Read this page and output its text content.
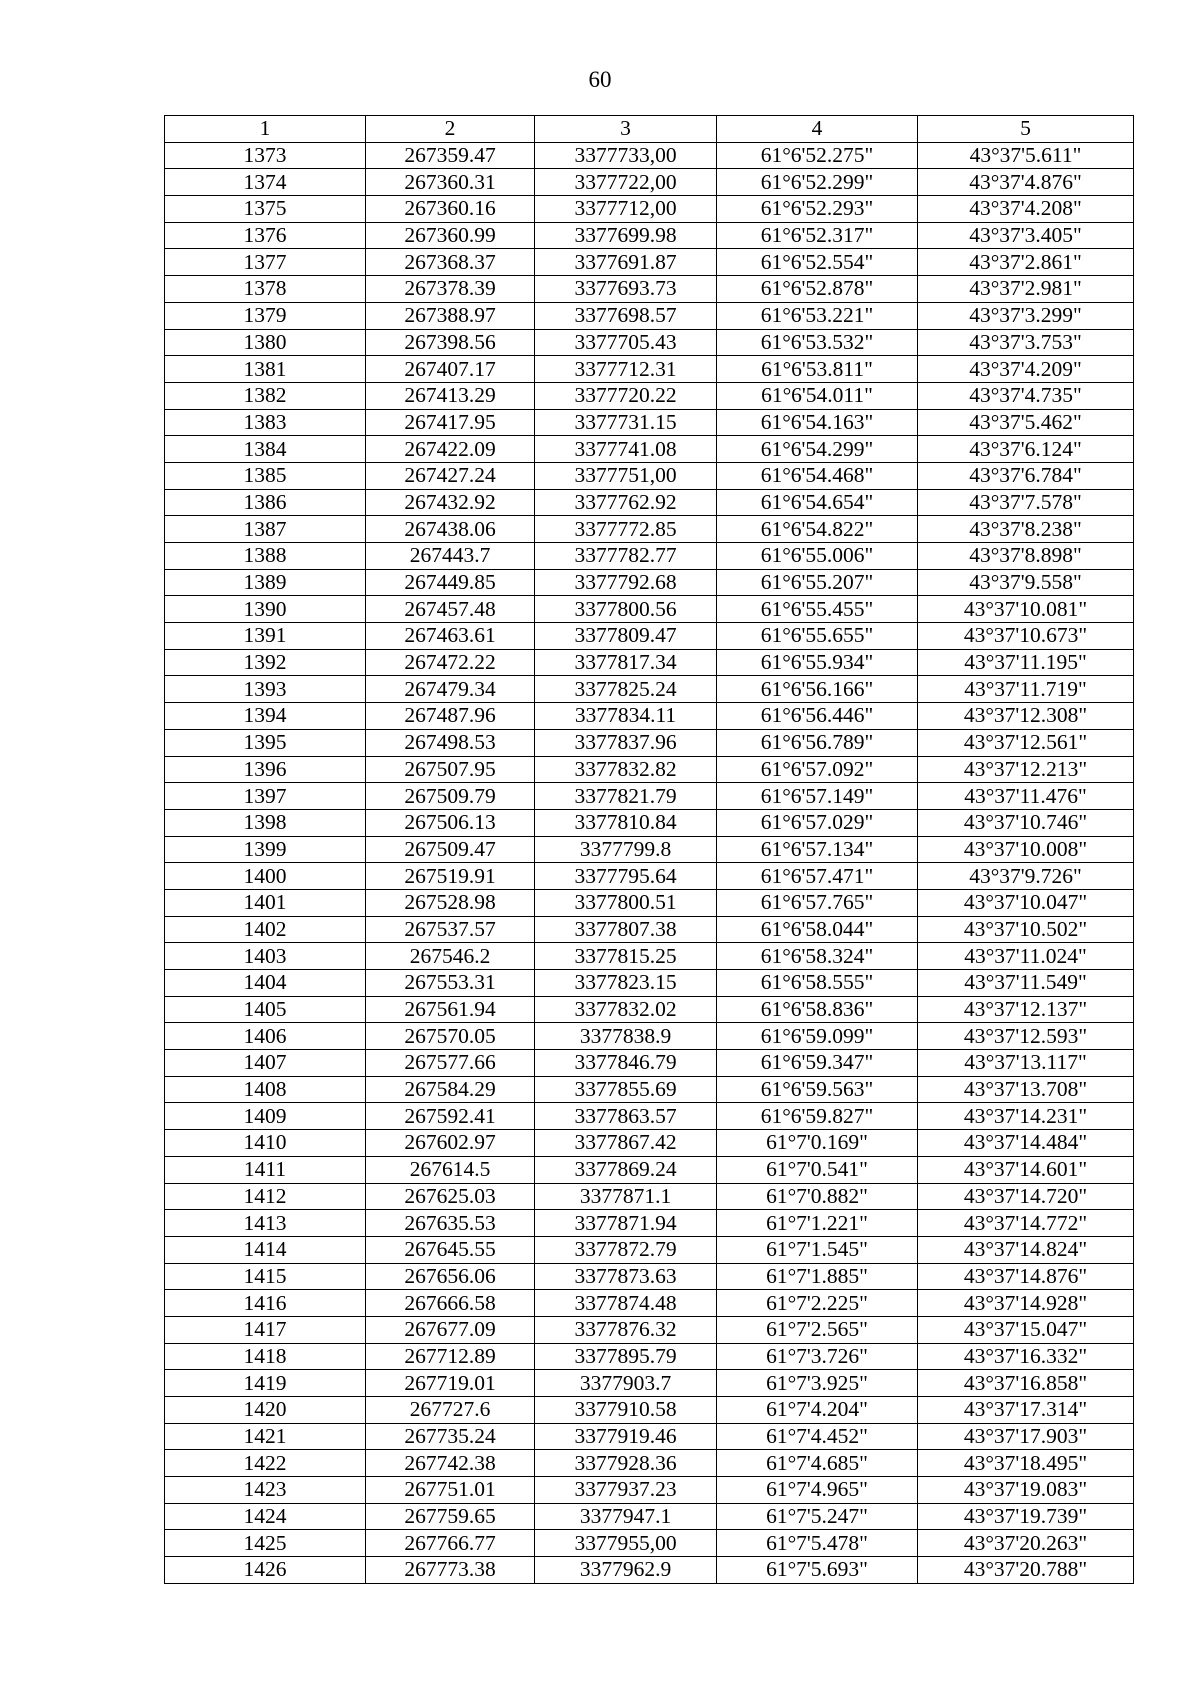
60
1	2	3	4	5
1373	267359.47	3377733,00	61°6'52.275"	43°37'5.611"
1374	267360.31	3377722,00	61°6'52.299"	43°37'4.876"
1375	267360.16	3377712,00	61°6'52.293"	43°37'4.208"
1376	267360.99	3377699.98	61°6'52.317"	43°37'3.405"
1377	267368.37	3377691.87	61°6'52.554"	43°37'2.861"
1378	267378.39	3377693.73	61°6'52.878"	43°37'2.981"
1379	267388.97	3377698.57	61°6'53.221"	43°37'3.299"
1380	267398.56	3377705.43	61°6'53.532"	43°37'3.753"
1381	267407.17	3377712.31	61°6'53.811"	43°37'4.209"
1382	267413.29	3377720.22	61°6'54.011"	43°37'4.735"
1383	267417.95	3377731.15	61°6'54.163"	43°37'5.462"
1384	267422.09	3377741.08	61°6'54.299"	43°37'6.124"
1385	267427.24	3377751,00	61°6'54.468"	43°37'6.784"
1386	267432.92	3377762.92	61°6'54.654"	43°37'7.578"
1387	267438.06	3377772.85	61°6'54.822"	43°37'8.238"
1388	267443.7	3377782.77	61°6'55.006"	43°37'8.898"
1389	267449.85	3377792.68	61°6'55.207"	43°37'9.558"
1390	267457.48	3377800.56	61°6'55.455"	43°37'10.081"
1391	267463.61	3377809.47	61°6'55.655"	43°37'10.673"
1392	267472.22	3377817.34	61°6'55.934"	43°37'11.195"
1393	267479.34	3377825.24	61°6'56.166"	43°37'11.719"
1394	267487.96	3377834.11	61°6'56.446"	43°37'12.308"
1395	267498.53	3377837.96	61°6'56.789"	43°37'12.561"
1396	267507.95	3377832.82	61°6'57.092"	43°37'12.213"
1397	267509.79	3377821.79	61°6'57.149"	43°37'11.476"
1398	267506.13	3377810.84	61°6'57.029"	43°37'10.746"
1399	267509.47	3377799.8	61°6'57.134"	43°37'10.008"
1400	267519.91	3377795.64	61°6'57.471"	43°37'9.726"
1401	267528.98	3377800.51	61°6'57.765"	43°37'10.047"
1402	267537.57	3377807.38	61°6'58.044"	43°37'10.502"
1403	267546.2	3377815.25	61°6'58.324"	43°37'11.024"
1404	267553.31	3377823.15	61°6'58.555"	43°37'11.549"
1405	267561.94	3377832.02	61°6'58.836"	43°37'12.137"
1406	267570.05	3377838.9	61°6'59.099"	43°37'12.593"
1407	267577.66	3377846.79	61°6'59.347"	43°37'13.117"
1408	267584.29	3377855.69	61°6'59.563"	43°37'13.708"
1409	267592.41	3377863.57	61°6'59.827"	43°37'14.231"
1410	267602.97	3377867.42	61°7'0.169"	43°37'14.484"
1411	267614.5	3377869.24	61°7'0.541"	43°37'14.601"
1412	267625.03	3377871.1	61°7'0.882"	43°37'14.720"
1413	267635.53	3377871.94	61°7'1.221"	43°37'14.772"
1414	267645.55	3377872.79	61°7'1.545"	43°37'14.824"
1415	267656.06	3377873.63	61°7'1.885"	43°37'14.876"
1416	267666.58	3377874.48	61°7'2.225"	43°37'14.928"
1417	267677.09	3377876.32	61°7'2.565"	43°37'15.047"
1418	267712.89	3377895.79	61°7'3.726"	43°37'16.332"
1419	267719.01	3377903.7	61°7'3.925"	43°37'16.858"
1420	267727.6	3377910.58	61°7'4.204"	43°37'17.314"
1421	267735.24	3377919.46	61°7'4.452"	43°37'17.903"
1422	267742.38	3377928.36	61°7'4.685"	43°37'18.495"
1423	267751.01	3377937.23	61°7'4.965"	43°37'19.083"
1424	267759.65	3377947.1	61°7'5.247"	43°37'19.739"
1425	267766.77	3377955,00	61°7'5.478"	43°37'20.263"
1426	267773.38	3377962.9	61°7'5.693"	43°37'20.788"
